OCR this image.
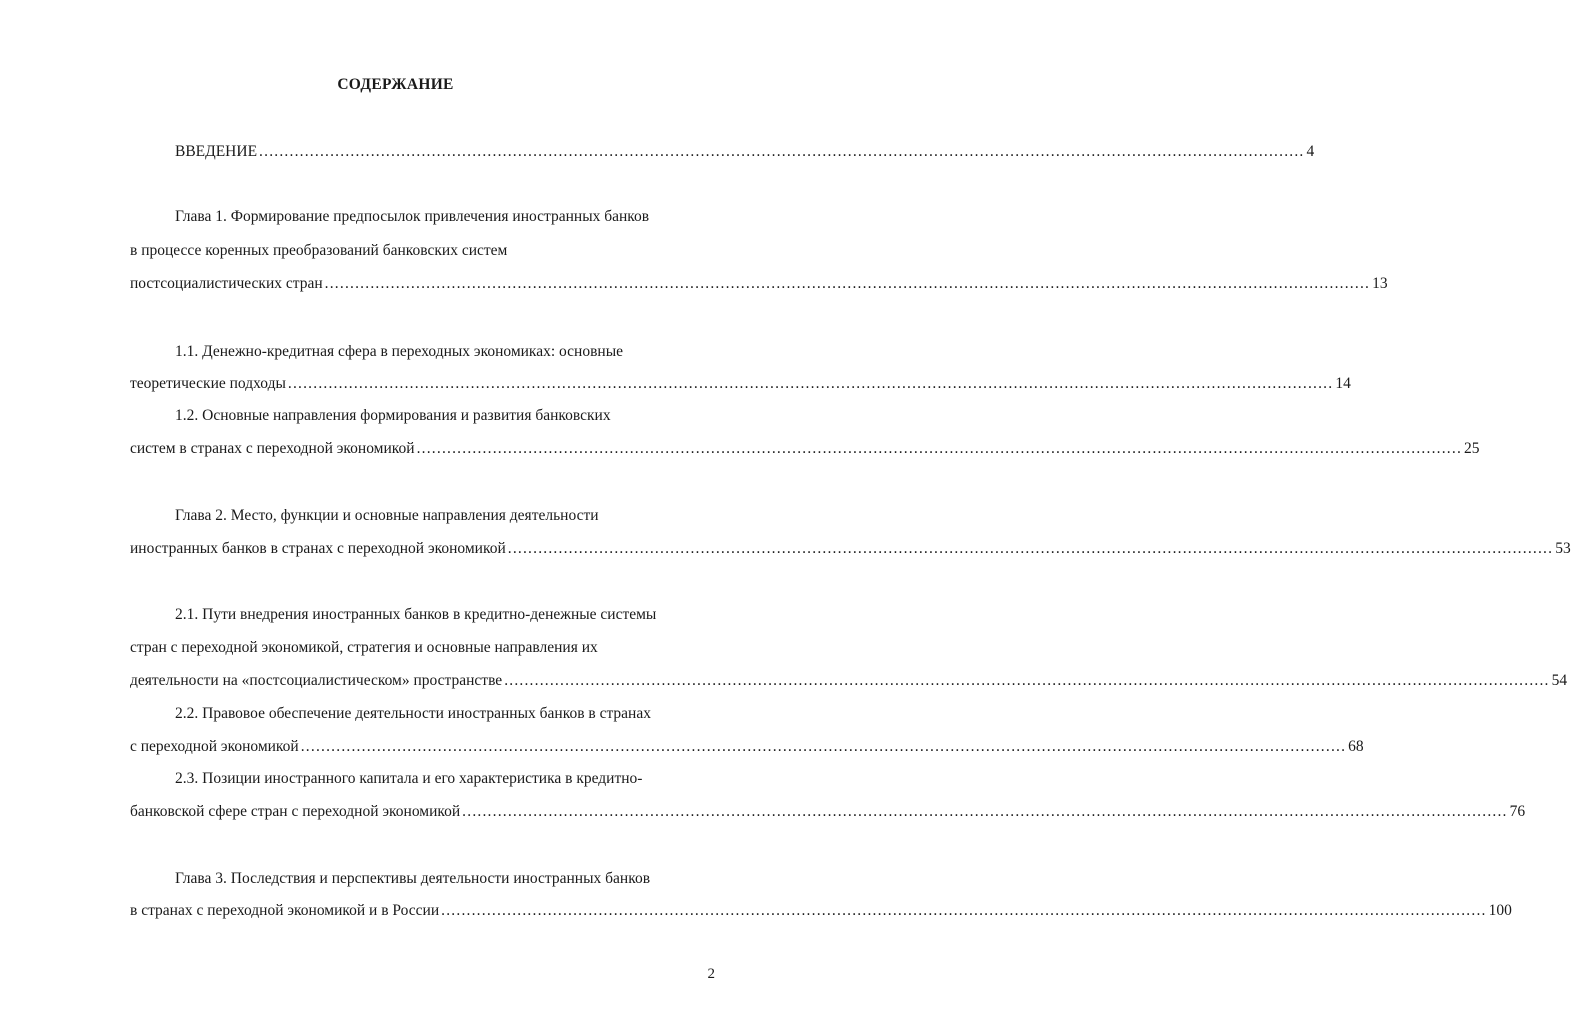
СОДЕРЖАНИЕ
ВВЕДЕНИЕ .............................................................................................................................................................................................................. 4
Глава 1. Формирование предпосылок привлечения иностранных банков
в процессе коренных преобразований банковских систем
постсоциалистических стран .............................................................................................................................................................................................................. 13
1.1. Денежно-кредитная сфера в переходных экономиках: основные
теоретические подходы .............................................................................................................................................................................................................. 14
1.2. Основные направления формирования и развития банковских
систем в странах с переходной экономикой .............................................................................................................................................................................................................. 25
Глава 2. Место, функции и основные направления деятельности
иностранных банков в странах с переходной экономикой .............................................................................................................................................................................................................. 53
2.1. Пути внедрения иностранных банков в кредитно-денежные системы
стран с переходной экономикой, стратегия и основные направления их
деятельности на «постсоциалистическом» пространстве .............................................................................................................................................................................................................. 54
2.2. Правовое обеспечение деятельности иностранных банков в странах
с переходной экономикой .............................................................................................................................................................................................................. 68
2.3. Позиции иностранного капитала и его характеристика в кредитно-
банковской сфере стран с переходной экономикой .............................................................................................................................................................................................................. 76
Глава 3. Последствия и перспективы деятельности иностранных банков
в странах с переходной экономикой и в России .............................................................................................................................................................................................................. 100
2
